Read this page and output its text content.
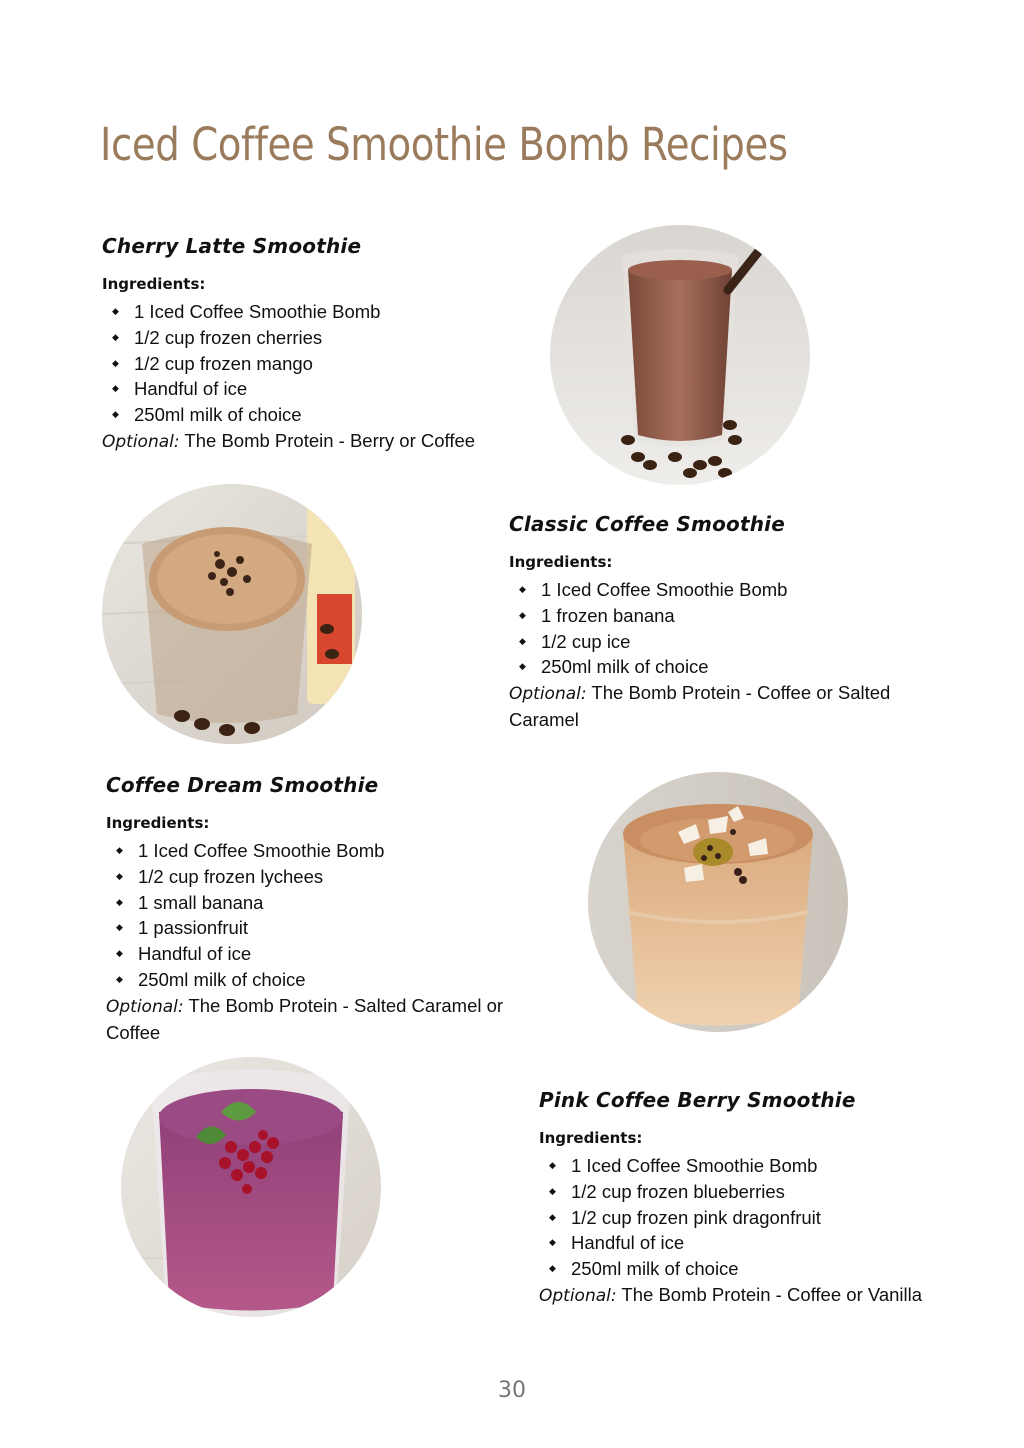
Iced Coffee Smoothie Bomb Recipes
Cherry Latte Smoothie
Ingredients:
◆ 1 Iced Coffee Smoothie Bomb
◆ 1/2 cup frozen cherries
◆ 1/2 cup frozen mango
◆ Handful of ice
◆ 250ml milk of choice

Optional: The Bomb Protein - Berry or Coffee

Classic Coffee Smoothie
Ingredients:
◆ 1 Iced Coffee Smoothie Bomb
◆ 1 frozen banana
◆ 1/2 cup ice
◆ 250ml milk of choice

Optional: The Bomb Protein - Coffee or Salted Caramel

Coffee Dream Smoothie
Ingredients:
◆ 1 Iced Coffee Smoothie Bomb
◆ 1/2 cup frozen lychees
◆ 1 small banana
◆ 1 passionfruit
◆ Handful of ice
◆ 250ml milk of choice

Optional: The Bomb Protein - Salted Caramel or Coffee

Pink Coffee Berry Smoothie
Ingredients:
◆ 1 Iced Coffee Smoothie Bomb
◆ 1/2 cup frozen blueberries
◆ 1/2 cup frozen pink dragonfruit
◆ Handful of ice
◆ 250ml milk of choice

Optional: The Bomb Protein - Coffee or Vanilla

30
